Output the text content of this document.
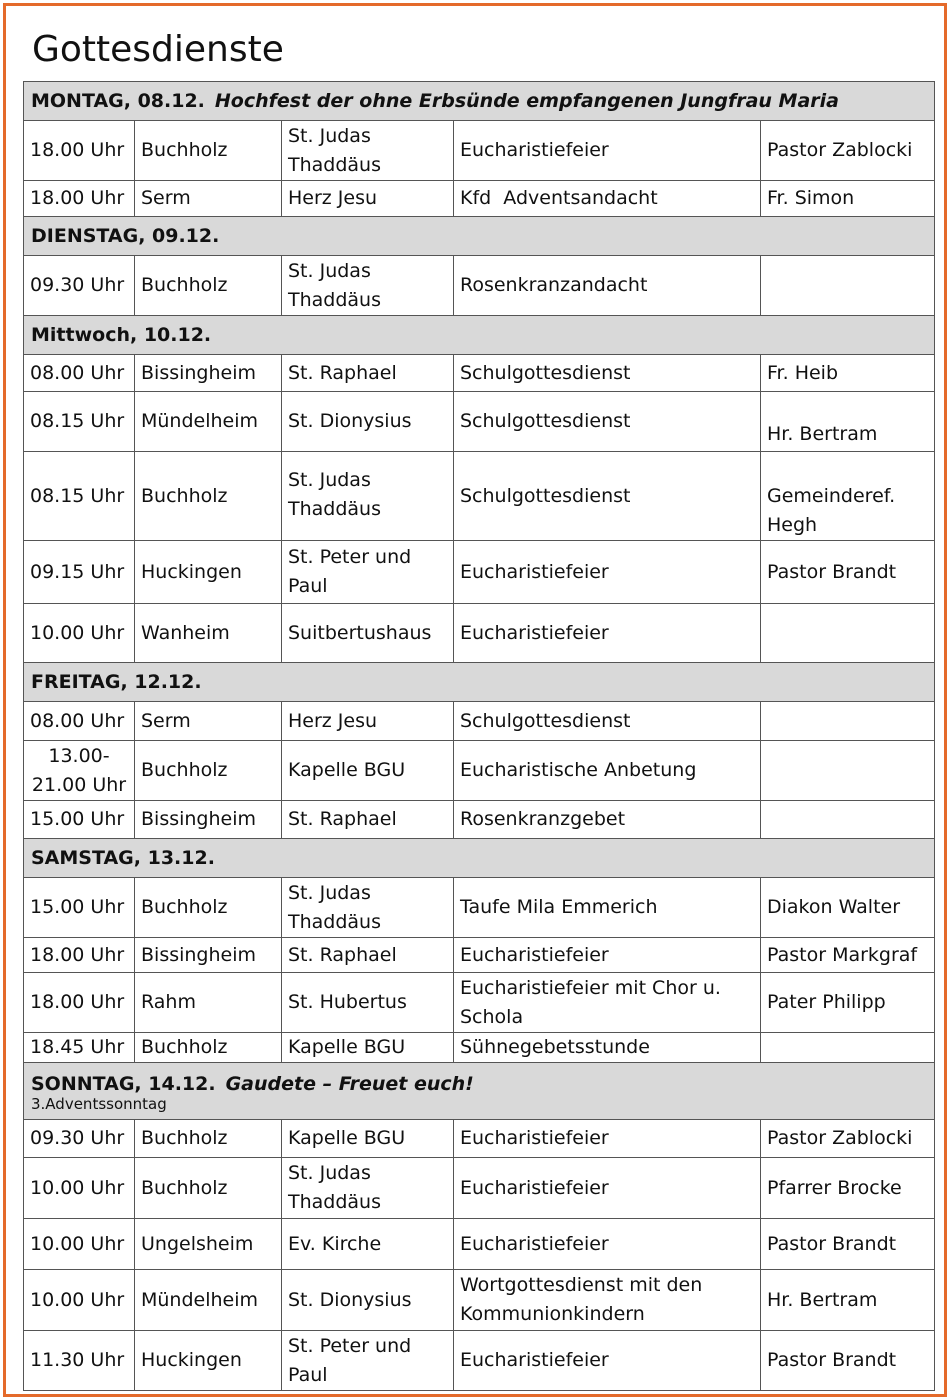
Gottesdienste
MONTAG, 08.12. Hochfest der ohne Erbsünde empfangenen Jungfrau Maria				
18.00 Uhr	Buchholz	St. Judas Thaddäus	Eucharistiefeier	Pastor Zablocki
18.00 Uhr	Serm	Herz Jesu	Kfd  Adventsandacht	Fr. Simon
DIENSTAG, 09.12.				
09.30 Uhr	Buchholz	St. Judas Thaddäus	Rosenkranzandacht	
Mittwoch, 10.12.				
08.00 Uhr	Bissingheim	St. Raphael	Schulgottesdienst	Fr. Heib
08.15 Uhr	Mündelheim	St. Dionysius	Schulgottesdienst	Hr. Bertram
08.15 Uhr	Buchholz	St. Judas Thaddäus	Schulgottesdienst	Gemeinderef. Hegh
09.15 Uhr	Huckingen	St. Peter und Paul	Eucharistiefeier	Pastor Brandt
10.00 Uhr	Wanheim	Suitbertushaus	Eucharistiefeier	
FREITAG, 12.12.				
08.00 Uhr	Serm	Herz Jesu	Schulgottesdienst	
13.00- 21.00 Uhr	Buchholz	Kapelle BGU	Eucharistische Anbetung	
15.00 Uhr	Bissingheim	St. Raphael	Rosenkranzgebet	
SAMSTAG, 13.12.				
15.00 Uhr	Buchholz	St. Judas Thaddäus	Taufe Mila Emmerich	Diakon Walter
18.00 Uhr	Bissingheim	St. Raphael	Eucharistiefeier	Pastor Markgraf
18.00 Uhr	Rahm	St. Hubertus	Eucharistiefeier mit Chor u. Schola	Pater Philipp
18.45 Uhr	Buchholz	Kapelle BGU	Sühnegebetsstunde	
SONNTAG, 14.12. Gaudete – Freuet euch!
3.Adventssonntag				

09.30 Uhr	Buchholz	Kapelle BGU	Eucharistiefeier	Pastor Zablocki
10.00 Uhr	Buchholz	St. Judas Thaddäus	Eucharistiefeier	Pfarrer Brocke
10.00 Uhr	Ungelsheim	Ev. Kirche	Eucharistiefeier	Pastor Brandt
10.00 Uhr	Mündelheim	St. Dionysius	Wortgottesdienst mit den Kommunionkindern	Hr. Bertram
11.30 Uhr	Huckingen	St. Peter und Paul	Eucharistiefeier	Pastor Brandt
